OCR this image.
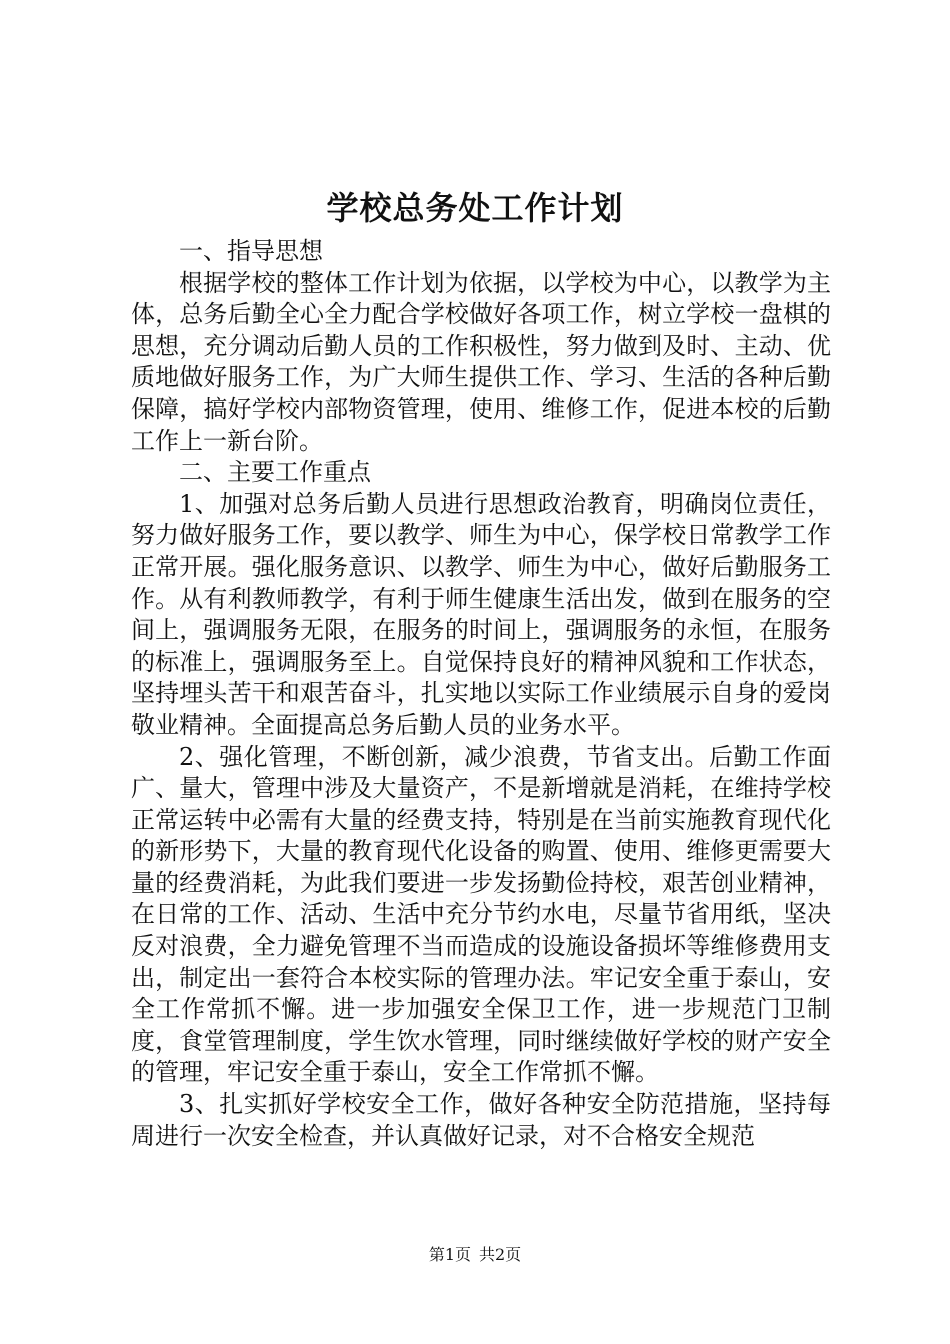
学校总务处工作计划

一、指导思想

根据学校的整体工作计划为依据，以学校为中心，以教学为主体，总务后勤全心全力配合学校做好各项工作，树立学校一盘棋的思想，充分调动后勤人员的工作积极性，努力做到及时、主动、优质地做好服务工作，为广大师生提供工作、学习、生活的各种后勤保障，搞好学校内部物资管理，使用、维修工作，促进本校的后勤工作上一新台阶。

二、主要工作重点

1、加强对总务后勤人员进行思想政治教育，明确岗位责任，努力做好服务工作，要以教学、师生为中心，保学校日常教学工作正常开展。强化服务意识、以教学、师生为中心，做好后勤服务工作。从有利教师教学，有利于师生健康生活出发，做到在服务的空间上，强调服务无限，在服务的时间上，强调服务的永恒，在服务的标准上，强调服务至上。自觉保持良好的精神风貌和工作状态，坚持埋头苦干和艰苦奋斗，扎实地以实际工作业绩展示自身的爱岗敬业精神。全面提高总务后勤人员的业务水平。

2、强化管理，不断创新，减少浪费，节省支出。后勤工作面广、量大，管理中涉及大量资产，不是新增就是消耗，在维持学校正常运转中必需有大量的经费支持，特别是在当前实施教育现代化的新形势下，大量的教育现代化设备的购置、使用、维修更需要大量的经费消耗，为此我们要进一步发扬勤俭持校，艰苦创业精神，在日常的工作、活动、生活中充分节约水电，尽量节省用纸，坚决反对浪费，全力避免管理不当而造成的设施设备损坏等维修费用支出，制定出一套符合本校实际的管理办法。牢记安全重于泰山，安全工作常抓不懈。进一步加强安全保卫工作，进一步规范门卫制度，食堂管理制度，学生饮水管理，同时继续做好学校的财产安全的管理，牢记安全重于泰山，安全工作常抓不懈。

3、扎实抓好学校安全工作，做好各种安全防范措施，坚持每周进行一次安全检查，并认真做好记录，对不合格安全规范

第1页 共2页
